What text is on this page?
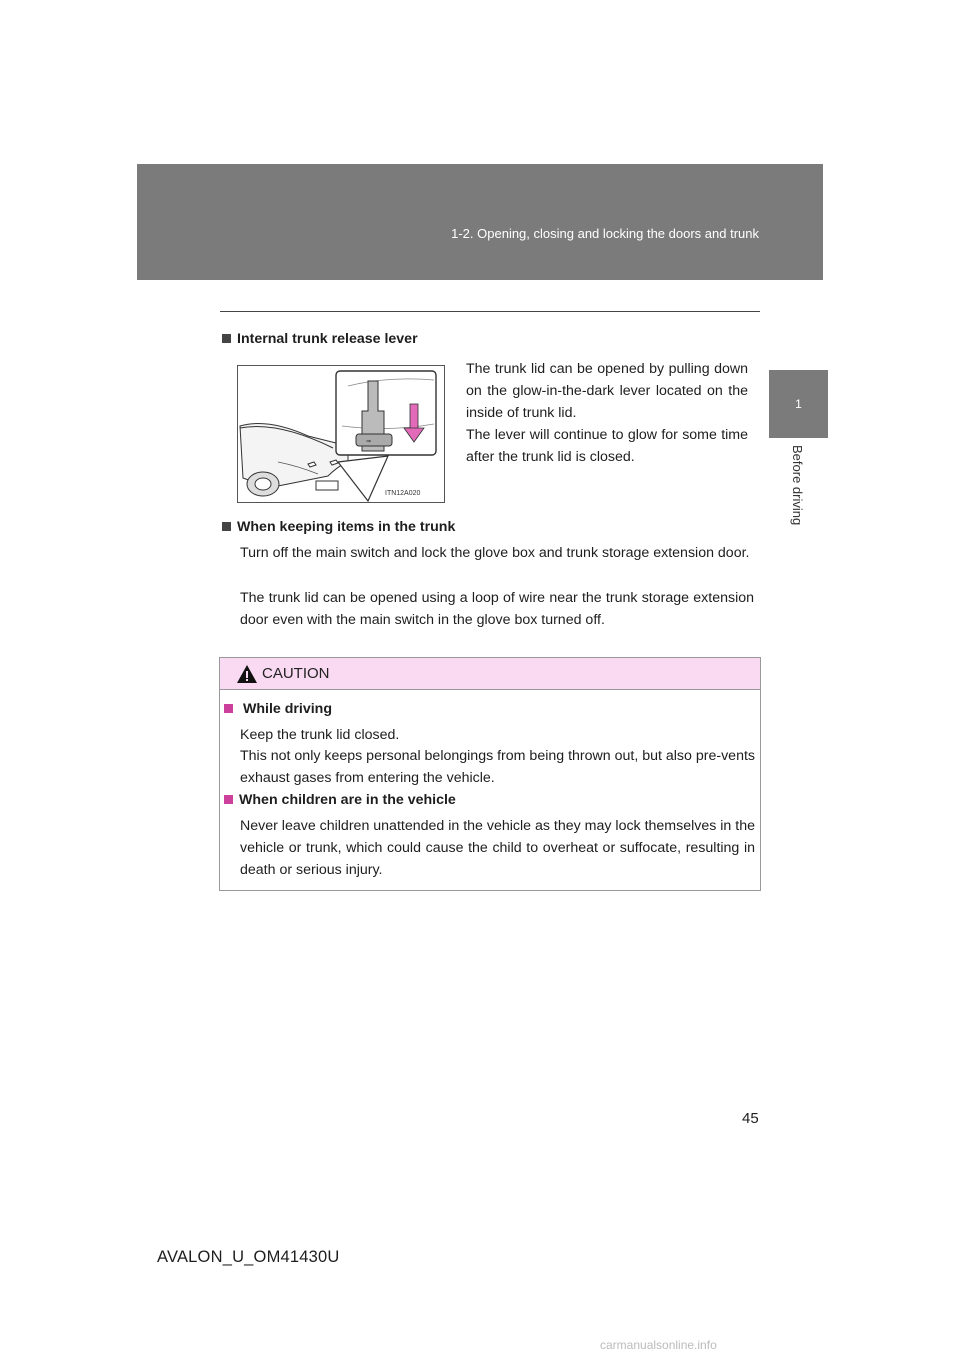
1-2. Opening, closing and locking the doors and trunk
1
Before driving
Internal trunk release lever
⇒
ITN12A020
The trunk lid can be opened by pulling down on the glow-in-the-dark lever located on the inside of trunk lid.
The lever will continue to glow for some time after the trunk lid is closed.
When keeping items in the trunk
Turn off the main switch and lock the glove box and trunk storage extension door.
The trunk lid can be opened using a loop of wire near the trunk storage extension door even with the main switch in the glove box turned off.
CAUTION
While driving
Keep the trunk lid closed.
This not only keeps personal belongings from being thrown out, but also pre-vents exhaust gases from entering the vehicle.
When children are in the vehicle
Never leave children unattended in the vehicle as they may lock themselves in the vehicle or trunk, which could cause the child to overheat or suffocate, resulting in death or serious injury.
45
AVALON_U_OM41430U
carmanualsonline.info
